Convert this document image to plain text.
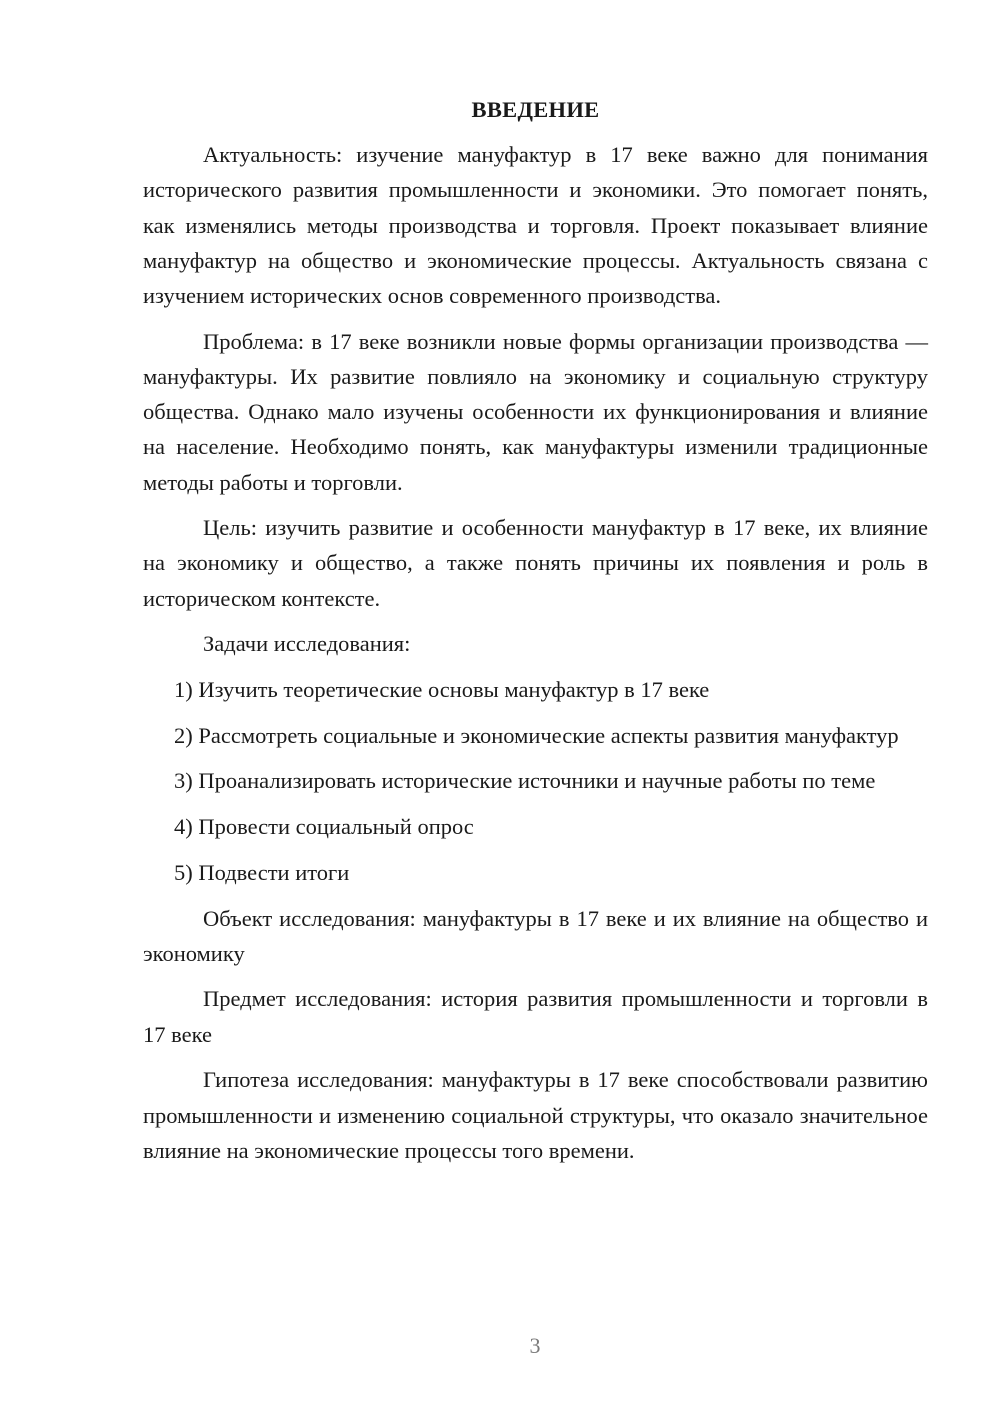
ВВЕДЕНИЕ

Актуальность: изучение мануфактур в 17 веке важно для понимания исторического развития промышленности и экономики. Это помогает понять, как изменялись методы производства и торговля. Проект показывает влияние мануфактур на общество и экономические процессы. Актуальность связана с изучением исторических основ современного производства.

Проблема: в 17 веке возникли новые формы организации производства — мануфактуры. Их развитие повлияло на экономику и социальную структуру общества. Однако мало изучены особенности их функционирования и влияние на население. Необходимо понять, как мануфактуры изменили традиционные методы работы и торговли.

Цель: изучить развитие и особенности мануфактур в 17 веке, их влияние на экономику и общество, а также понять причины их появления и роль в историческом контексте.

Задачи исследования:

1) Изучить теоретические основы мануфактур в 17 веке

2) Рассмотреть социальные и экономические аспекты развития мануфактур

3) Проанализировать исторические источники и научные работы по теме

4) Провести социальный опрос

5) Подвести итоги

Объект исследования: мануфактуры в 17 веке и их влияние на общество и экономику

Предмет исследования: история развития промышленности и торговли в 17 веке

Гипотеза исследования: мануфактуры в 17 веке способствовали развитию промышленности и изменению социальной структуры, что оказало значительное влияние на экономические процессы того времени.

3
